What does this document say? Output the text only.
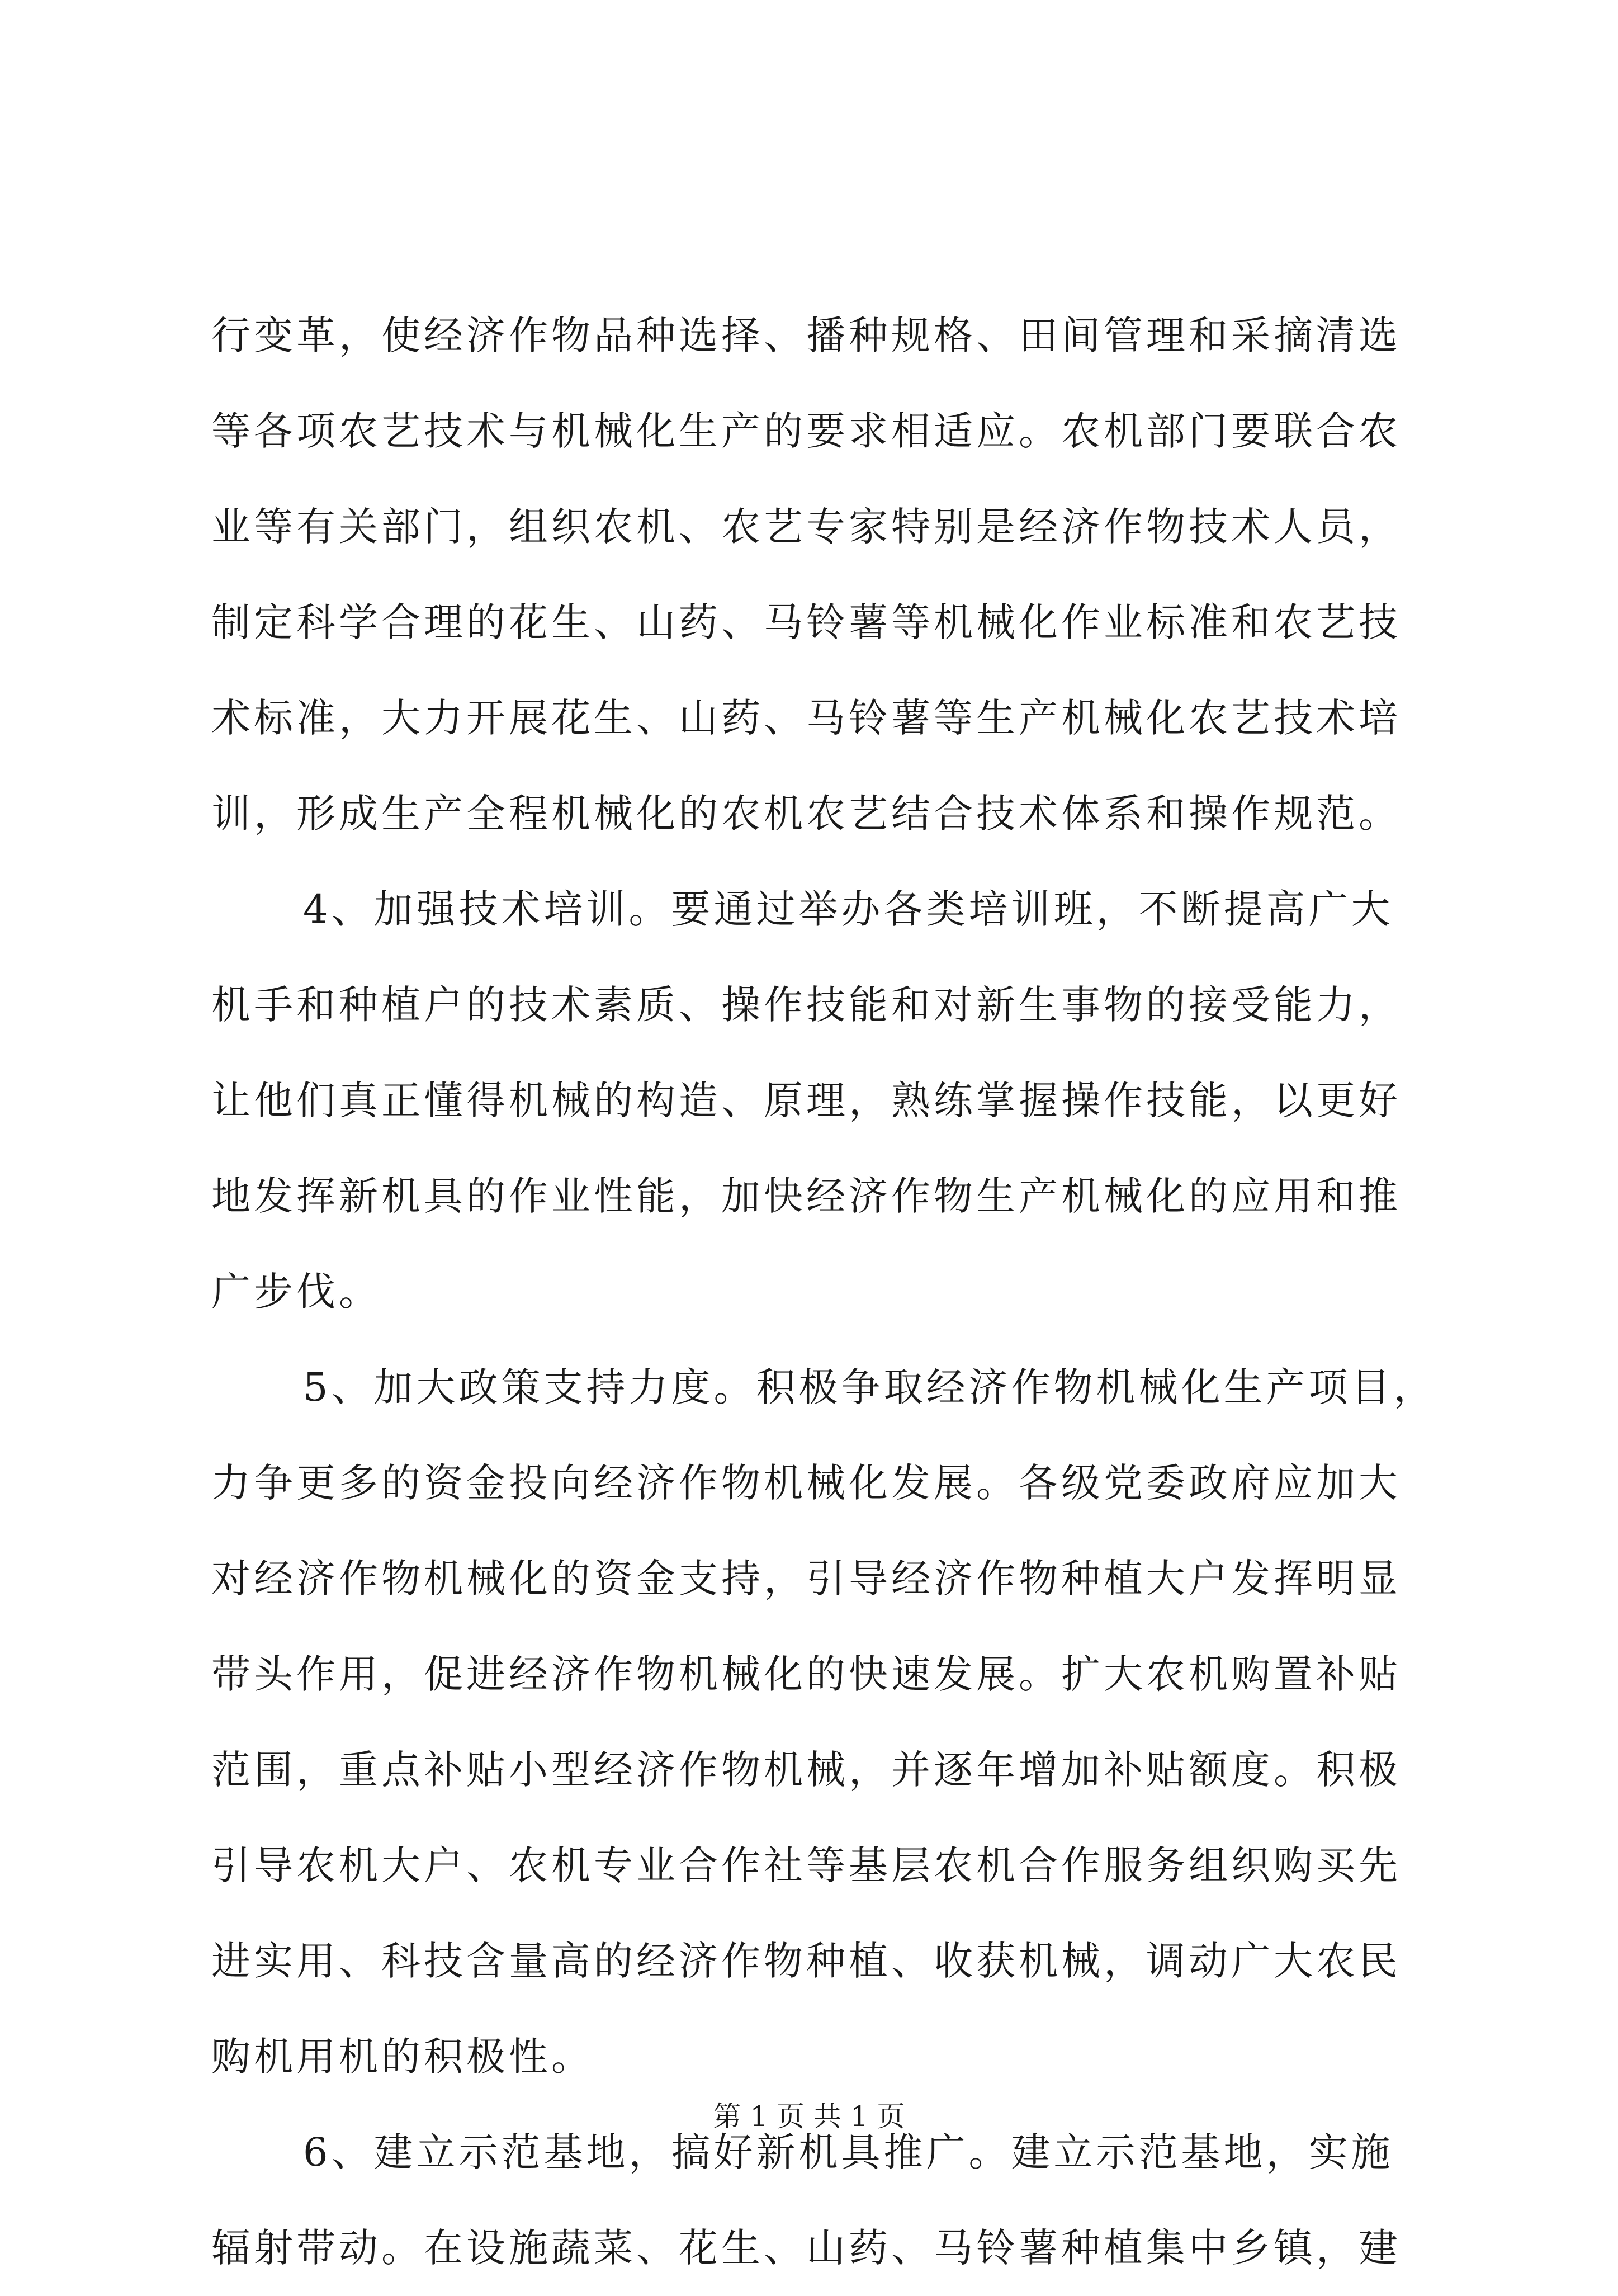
行变革，使经济作物品种选择、播种规格、田间管理和采摘清选
等各项农艺技术与机械化生产的要求相适应。农机部门要联合农
业等有关部门，组织农机、农艺专家特别是经济作物技术人员，
制定科学合理的花生、山药、马铃薯等机械化作业标准和农艺技
术标准，大力开展花生、山药、马铃薯等生产机械化农艺技术培
训，形成生产全程机械化的农机农艺结合技术体系和操作规范。
4、加强技术培训。要通过举办各类培训班，不断提高广大
机手和种植户的技术素质、操作技能和对新生事物的接受能力，
让他们真正懂得机械的构造、原理，熟练掌握操作技能，以更好
地发挥新机具的作业性能，加快经济作物生产机械化的应用和推
广步伐。
5、加大政策支持力度。积极争取经济作物机械化生产项目，
力争更多的资金投向经济作物机械化发展。各级党委政府应加大
对经济作物机械化的资金支持，引导经济作物种植大户发挥明显
带头作用，促进经济作物机械化的快速发展。扩大农机购置补贴
范围，重点补贴小型经济作物机械，并逐年增加补贴额度。积极
引导农机大户、农机专业合作社等基层农机合作服务组织购买先
进实用、科技含量高的经济作物种植、收获机械，调动广大农民
购机用机的积极性。
6、建立示范基地，搞好新机具推广。建立示范基地，实施
辐射带动。在设施蔬菜、花生、山药、马铃薯种植集中乡镇，建
第 1 页 共 1 页
